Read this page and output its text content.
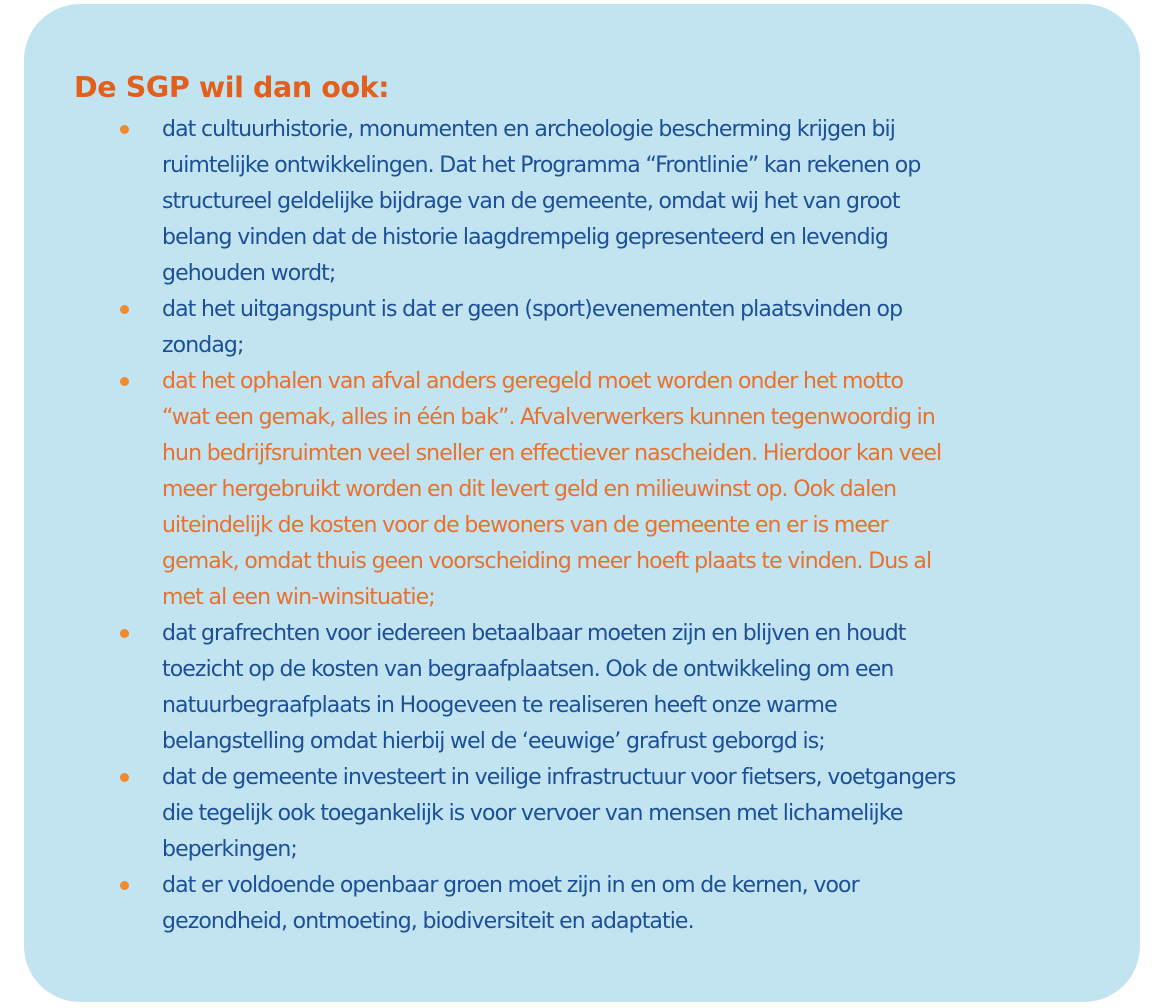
De SGP wil dan ook:
dat cultuurhistorie, monumenten en archeologie bescherming krijgen bij
ruimtelijke ontwikkelingen. Dat het Programma “Frontlinie” kan rekenen op
structureel geldelijke bijdrage van de gemeente, omdat wij het van groot
belang vinden dat de historie laagdrempelig gepresenteerd en levendig
gehouden wordt;
dat het uitgangspunt is dat er geen (sport)evenementen plaatsvinden op
zondag;
dat het ophalen van afval anders geregeld moet worden onder het motto
“wat een gemak, alles in één bak”. Afvalverwerkers kunnen tegenwoordig in
hun bedrijfsruimten veel sneller en effectiever nascheiden. Hierdoor kan veel
meer hergebruikt worden en dit levert geld en milieuwinst op. Ook dalen
uiteindelijk de kosten voor de bewoners van de gemeente en er is meer
gemak, omdat thuis geen voorscheiding meer hoeft plaats te vinden. Dus al
met al een win-winsituatie;
dat grafrechten voor iedereen betaalbaar moeten zijn en blijven en houdt
toezicht op de kosten van begraafplaatsen. Ook de ontwikkeling om een
natuurbegraafplaats in Hoogeveen te realiseren heeft onze warme
belangstelling omdat hierbij wel de ‘eeuwige’ grafrust geborgd is;
dat de gemeente investeert in veilige infrastructuur voor fietsers, voetgangers
die tegelijk ook toegankelijk is voor vervoer van mensen met lichamelijke
beperkingen;
dat er voldoende openbaar groen moet zijn in en om de kernen, voor
gezondheid, ontmoeting, biodiversiteit en adaptatie.
